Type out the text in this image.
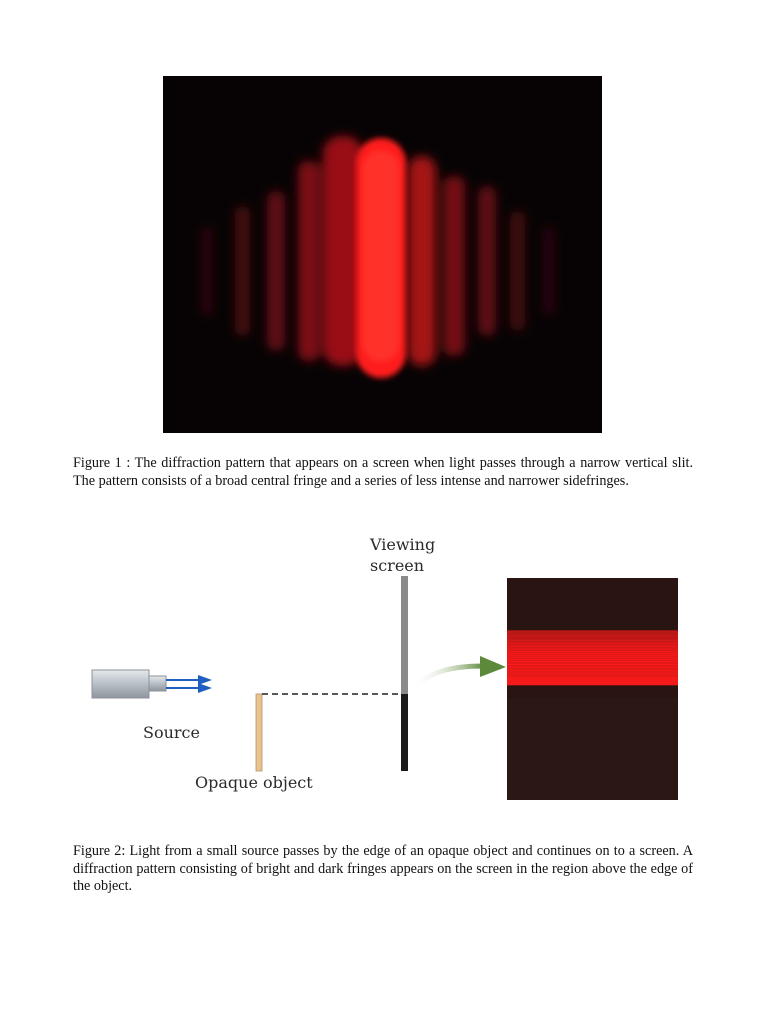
Figure 1 : The diffraction pattern that appears on a screen when light passes through a narrow vertical slit. The pattern consists of a broad central fringe and a series of less intense and narrower sidefringes.

Viewing
screen

Source

Opaque object

Figure 2: Light from a small source passes by the edge of an opaque object and continues on to a screen. A diffraction pattern consisting of bright and dark fringes appears on the screen in the region above the edge of the object.
